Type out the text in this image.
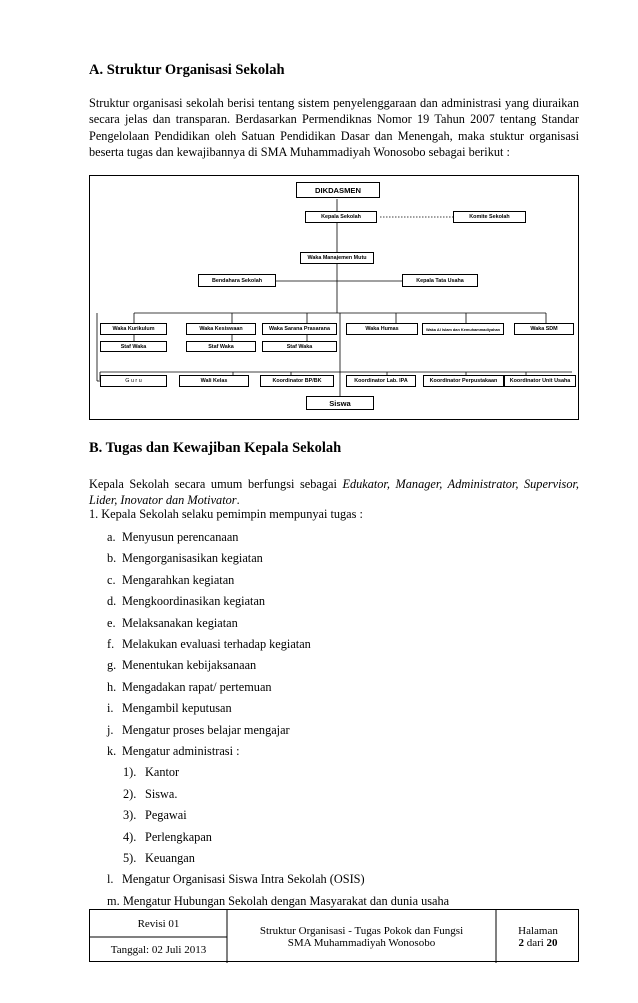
A. Struktur Organisasi Sekolah
Struktur organisasi sekolah berisi tentang sistem penyelenggaraan dan administrasi yang diuraikan secara jelas dan transparan. Berdasarkan Permendiknas Nomor 19 Tahun 2007 tentang Standar Pengelolaan Pendidikan oleh Satuan Pendidikan Dasar dan Menengah, maka stuktur organisasi beserta tugas dan kewajibannya di SMA Muhammadiyah Wonosobo sebagai berikut :
DIKDASMEN
Kepala Sekolah	Komite Sekolah
Waka Manajemen Mutu
Bendahara Sekolah	Kepala Tata Usaha
Waka Kurikulum	Waka Kesiswaan	Waka Sarana Prasarana	Waka Humas	Waka Al Islam dan Kemuhammadiyahan	Waka SDM
Staf Waka	Staf Waka	Staf Waka
G u r u	Wali Kelas	Koordinator BP/BK	Koordinator Lab. IPA	Koordinator Perpustakaan	Koordinator Unit Usaha
Siswa
B. Tugas dan Kewajiban Kepala Sekolah
Kepala Sekolah secara umum berfungsi sebagai Edukator, Manager, Administrator, Supervisor, Lider, Inovator dan Motivator.
1. Kepala Sekolah selaku pemimpin mempunyai tugas :
a. Menyusun perencanaan
b. Mengorganisasikan kegiatan
c. Mengarahkan kegiatan
d. Mengkoordinasikan kegiatan
e. Melaksanakan kegiatan
f. Melakukan evaluasi terhadap kegiatan
g. Menentukan kebijaksanaan
h. Mengadakan rapat/ pertemuan
i. Mengambil keputusan
j. Mengatur proses belajar mengajar
k. Mengatur administrasi :
1). Kantor
2). Siswa.
3). Pegawai
4). Perlengkapan
5). Keuangan
l. Mengatur Organisasi Siswa Intra Sekolah (OSIS)
m. Mengatur Hubungan Sekolah dengan Masyarakat dan dunia usaha
Revisi 01
Tanggal: 02 Juli 2013
Struktur Organisasi - Tugas Pokok dan Fungsi
SMA Muhammadiyah Wonosobo
Halaman
2 dari 20
